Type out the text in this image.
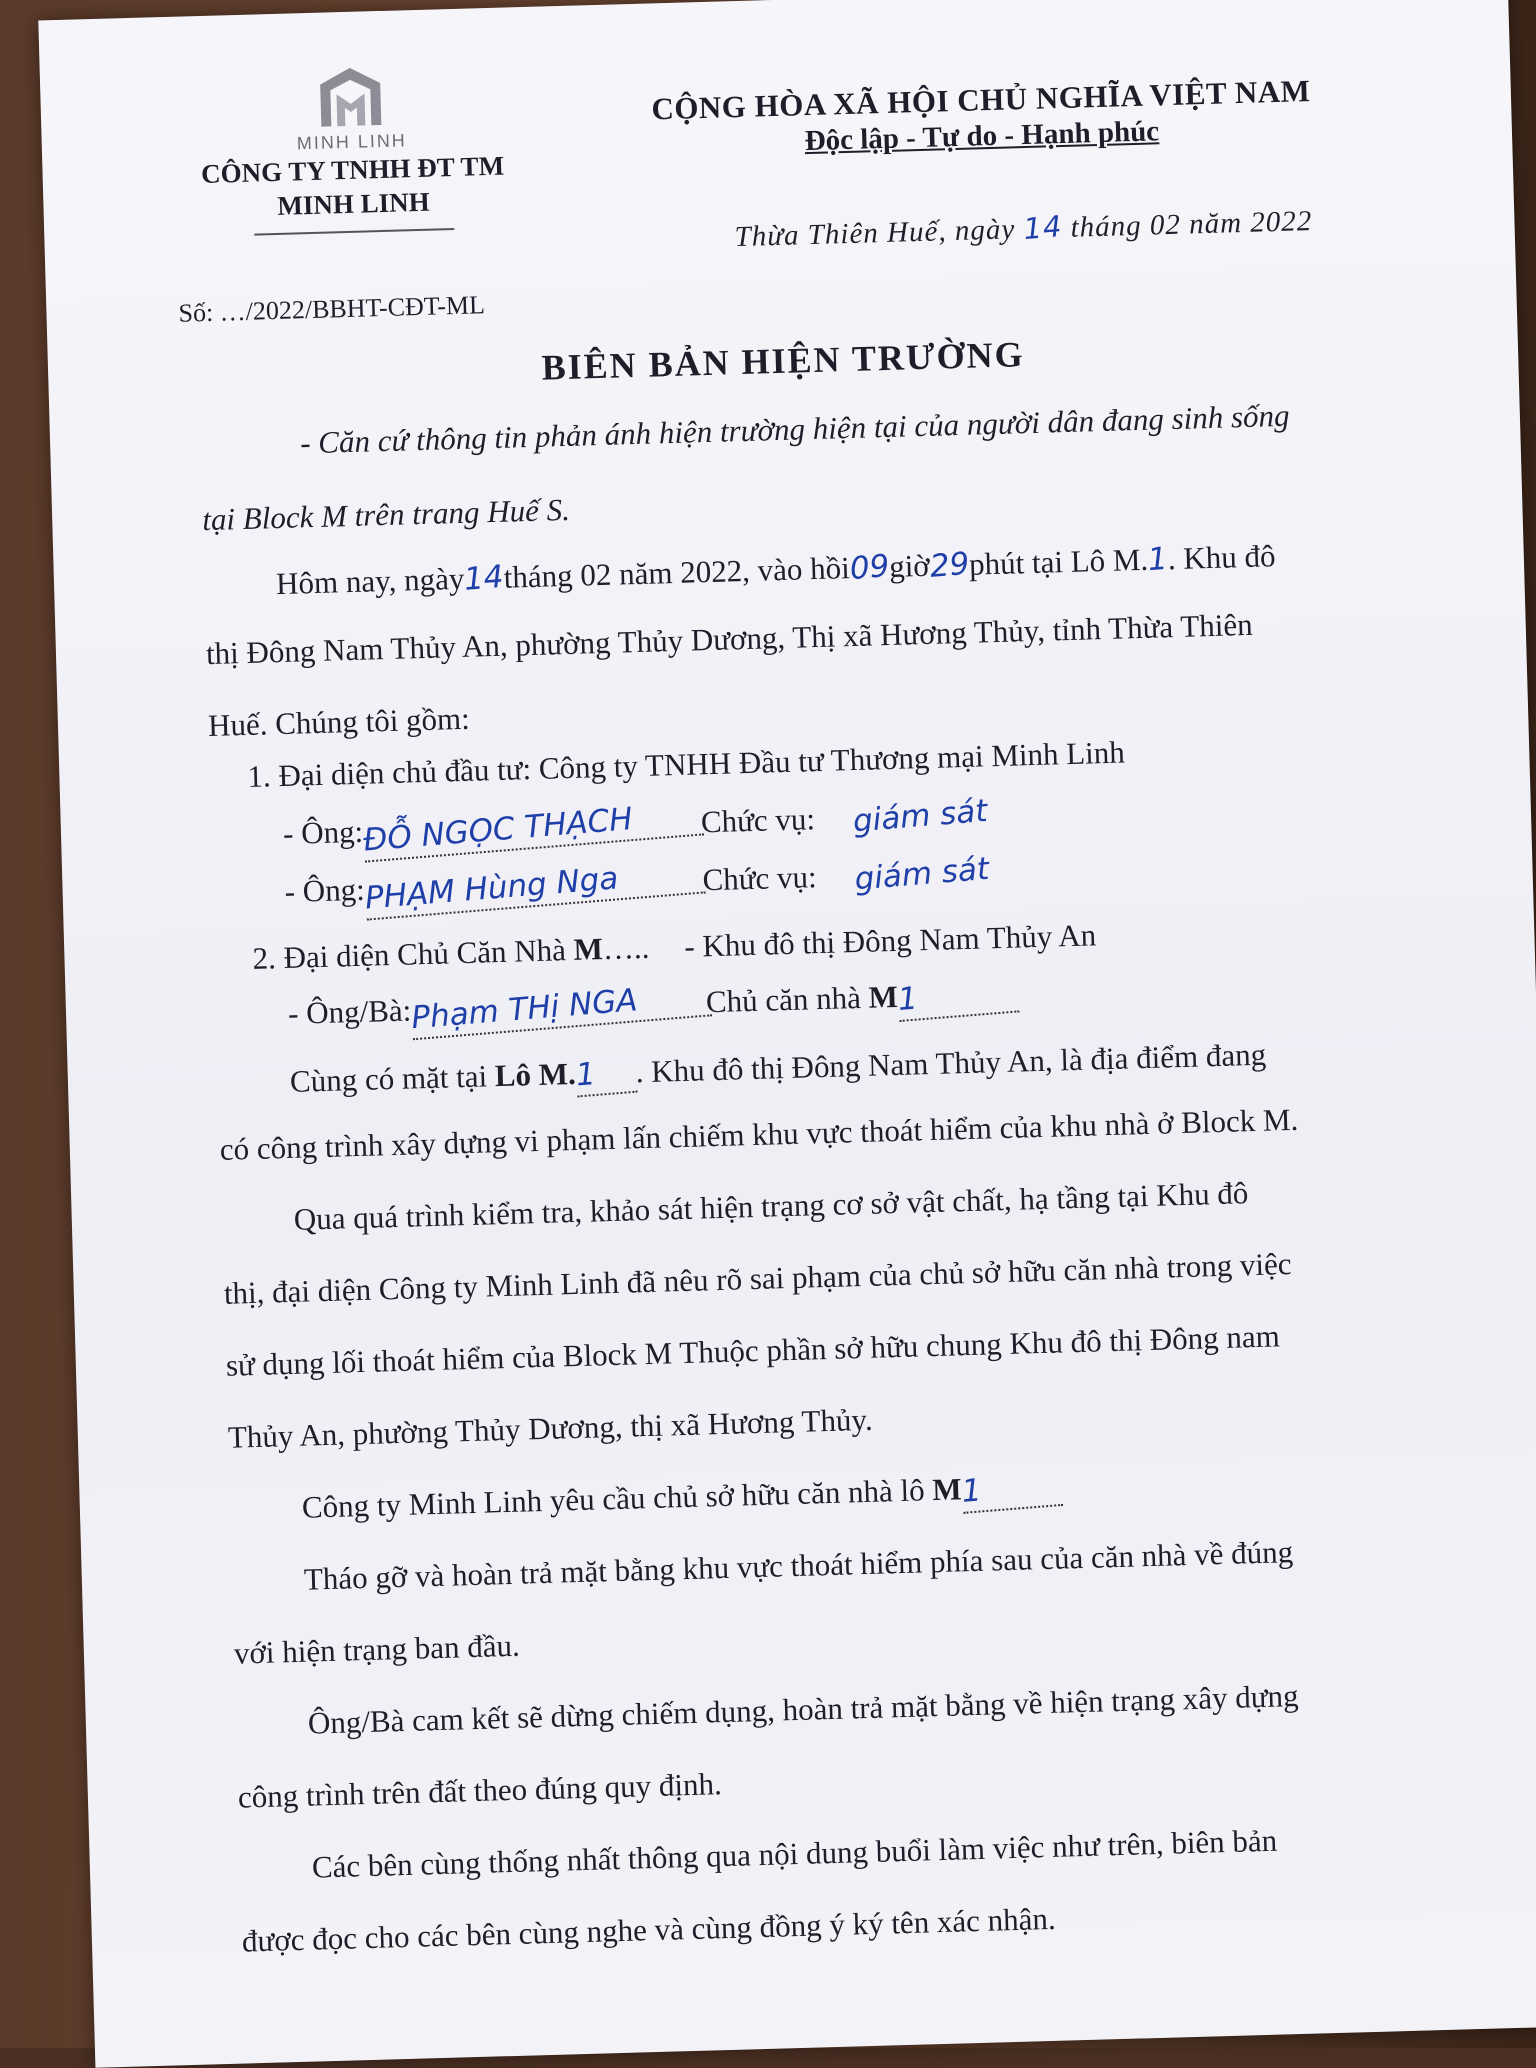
MINH LINH
CÔNG TY TNHH ĐT TM
MINH LINH
Số: …/2022/BBHT-CĐT-ML
CỘNG HÒA XÃ HỘI CHỦ NGHĨA VIỆT NAM
Độc lập - Tự do - Hạnh phúc
Thừa Thiên Huế, ngày 14 tháng 02 năm 2022
BIÊN BẢN HIỆN TRƯỜNG
- Căn cứ thông tin phản ánh hiện trường hiện tại của người dân đang sinh sống
tại Block M trên trang Huế S.
Hôm nay, ngày14tháng 02 năm 2022, vào hồi09giờ29phút tại Lô M.1. Khu đô
thị Đông Nam Thủy An, phường Thủy Dương, Thị xã Hương Thủy, tỉnh Thừa Thiên
Huế. Chúng tôi gồm:
1. Đại diện chủ đầu tư: Công ty TNHH Đầu tư Thương mại Minh Linh
- Ông:ĐỖ NGỌC THẠCH	Chức vụ: giám sát
- Ông:PHẠM Hùng Nga	Chức vụ: giám sát
2. Đại diện Chủ Căn Nhà M….. - Khu đô thị Đông Nam Thủy An
- Ông/Bà:Phạm THị NGA	Chủ căn nhà M1
Cùng có mặt tại Lô M.1 . Khu đô thị Đông Nam Thủy An, là địa điểm đang
có công trình xây dựng vi phạm lấn chiếm khu vực thoát hiểm của khu nhà ở Block M.
Qua quá trình kiểm tra, khảo sát hiện trạng cơ sở vật chất, hạ tầng tại Khu đô
thị, đại diện Công ty Minh Linh đã nêu rõ sai phạm của chủ sở hữu căn nhà trong việc
sử dụng lối thoát hiểm của Block M Thuộc phần sở hữu chung Khu đô thị Đông nam
Thủy An, phường Thủy Dương, thị xã Hương Thủy.
Công ty Minh Linh yêu cầu chủ sở hữu căn nhà lô M1
Tháo gỡ và hoàn trả mặt bằng khu vực thoát hiểm phía sau của căn nhà về đúng
với hiện trạng ban đầu.
Ông/Bà cam kết sẽ dừng chiếm dụng, hoàn trả mặt bằng về hiện trạng xây dựng
công trình trên đất theo đúng quy định.
Các bên cùng thống nhất thông qua nội dung buổi làm việc như trên, biên bản
được đọc cho các bên cùng nghe và cùng đồng ý ký tên xác nhận.
